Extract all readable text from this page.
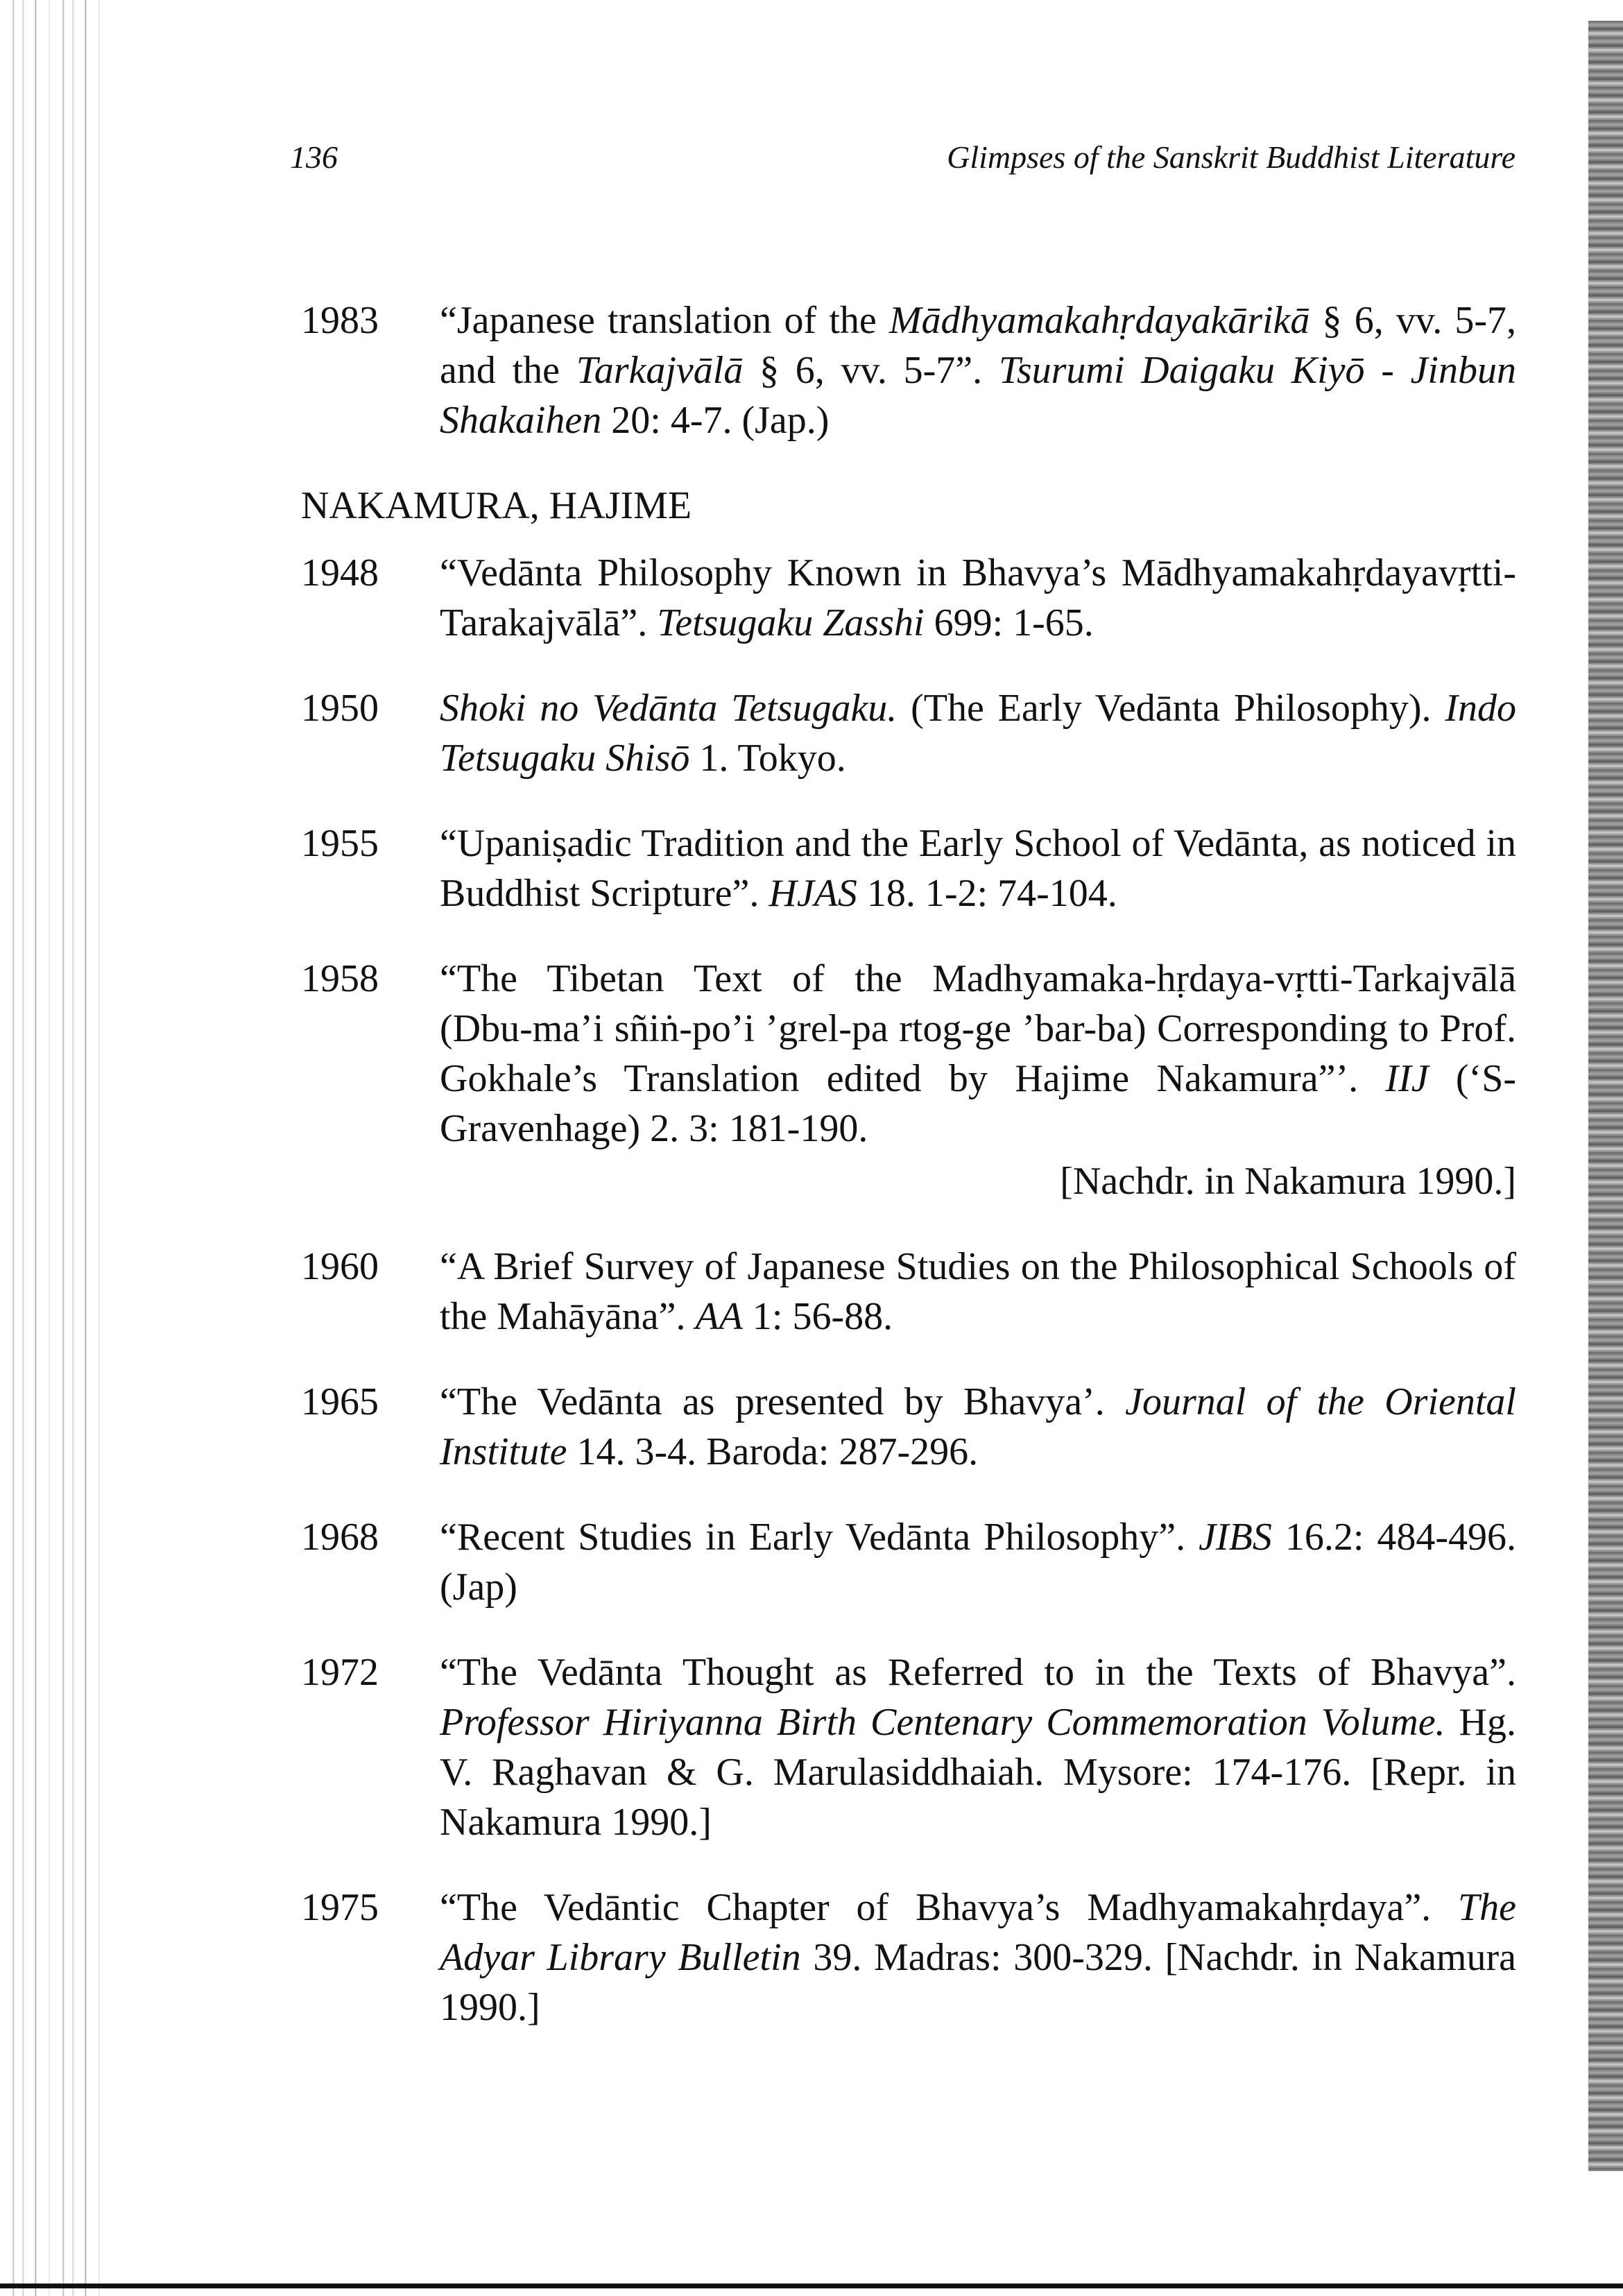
136	Glimpses of the Sanskrit Buddhist Literature
1983	“Japanese translation of the Mādhyamakahṛdayakārikā § 6, vv. 5-7, and the Tarkajvālā § 6, vv. 5-7”. Tsurumi Daigaku Kiyō - Jinbun Shakaihen 20: 4-7. (Jap.)
NAKAMURA, HAJIME
1948	“Vedānta Philosophy Known in Bhavya’s Mādhyamakahṛdayavṛtti-Tarakajvālā”. Tetsugaku Zasshi 699: 1-65.
1950	Shoki no Vedānta Tetsugaku. (The Early Vedānta Philosophy). Indo Tetsugaku Shisō 1. Tokyo.
1955	“Upaniṣadic Tradition and the Early School of Vedānta, as noticed in Buddhist Scripture”. HJAS 18. 1-2: 74-104.
1958	“The Tibetan Text of the Madhyamaka-hṛdaya-vṛtti-Tarkajvālā (Dbu-ma’i sñiṅ-po’i ’grel-pa rtog-ge ’bar-ba) Corresponding to Prof. Gokhale’s Translation edited by Hajime Nakamura”’. IIJ (‘S-Gravenhage) 2. 3: 181-190.
[Nachdr. in Nakamura 1990.]
1960	“A Brief Survey of Japanese Studies on the Philosophical Schools of the Mahāyāna”. AA 1: 56-88.
1965	“The Vedānta as presented by Bhavya’. Journal of the Oriental Institute 14. 3-4. Baroda: 287-296.
1968	“Recent Studies in Early Vedānta Philosophy”. JIBS 16.2: 484-496. (Jap)
1972	“The Vedānta Thought as Referred to in the Texts of Bhavya”. Professor Hiriyanna Birth Centenary Commemoration Volume. Hg. V. Raghavan & G. Marulasiddhaiah. Mysore: 174-176. [Repr. in Nakamura 1990.]
1975	“The Vedāntic Chapter of Bhavya’s Madhyamakahṛdaya”. The Adyar Library Bulletin 39. Madras: 300-329. [Nachdr. in Nakamura 1990.]
